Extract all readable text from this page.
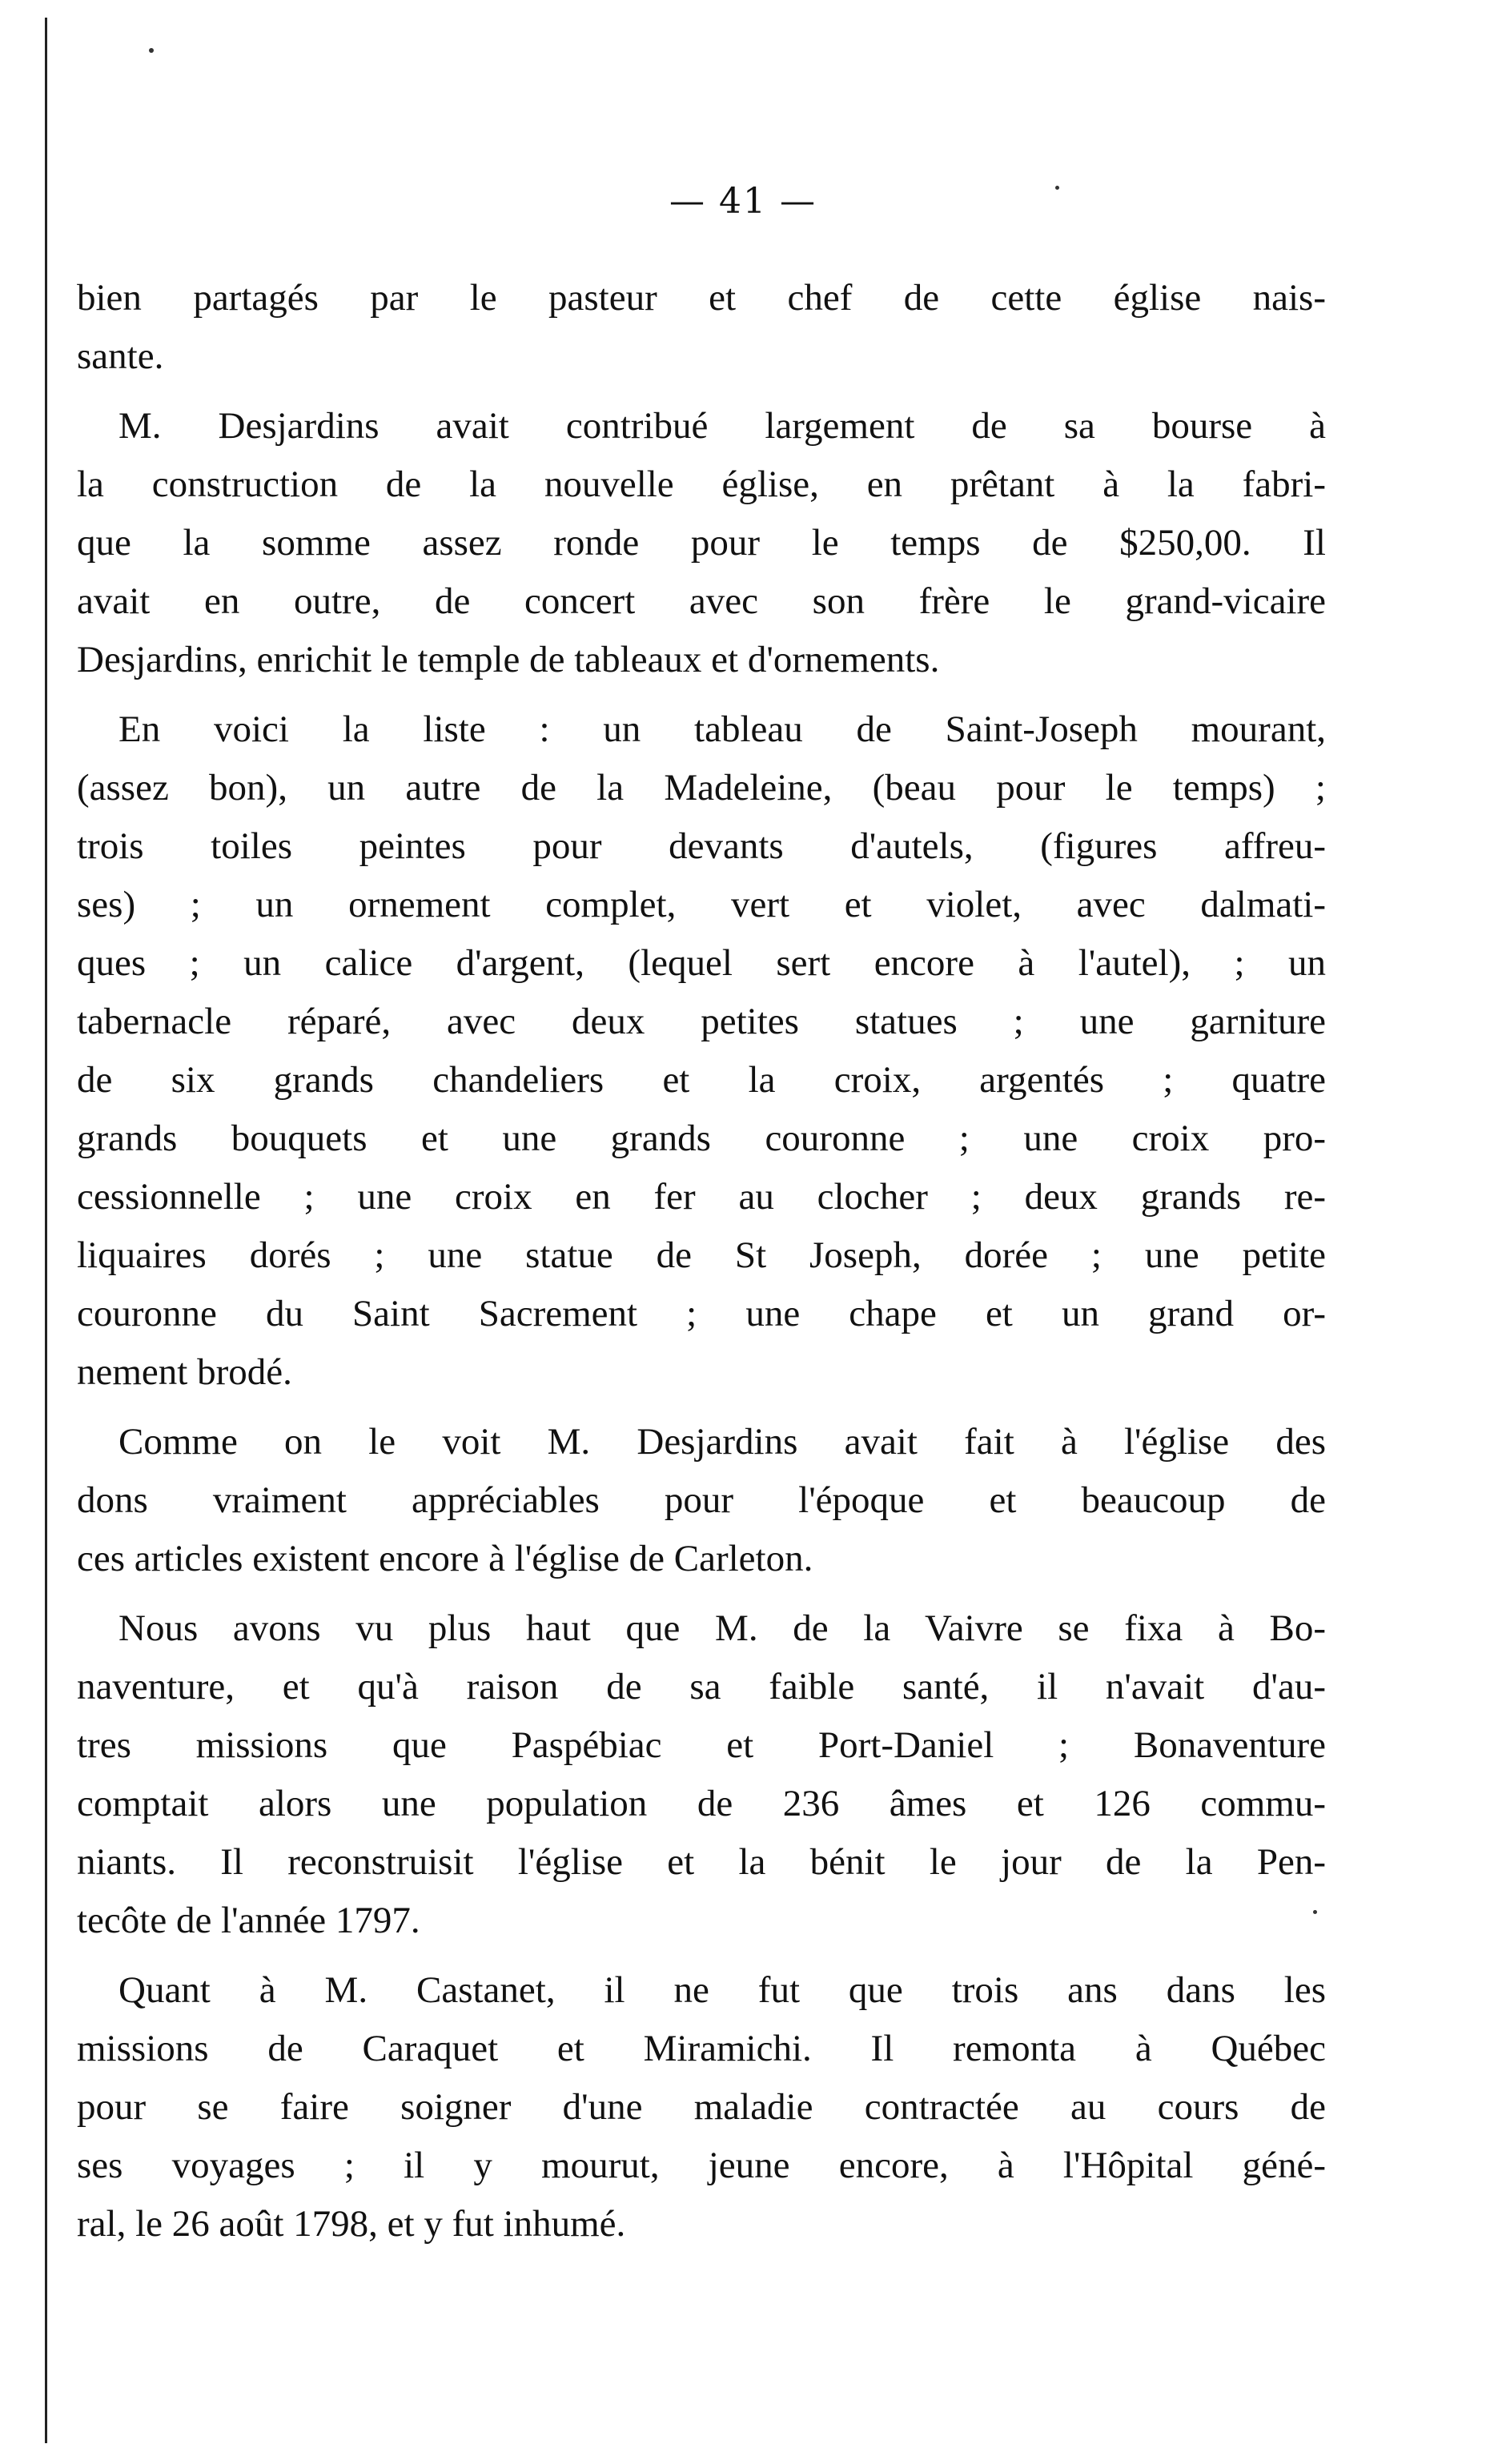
— 41 —

bien partagés par le pasteur et chef de cette église nais-
sante.

M. Desjardins avait contribué largement de sa bourse à
la construction de la nouvelle église, en prêtant à la fabri-
que la somme assez ronde pour le temps de $250,00. Il
avait en outre, de concert avec son frère le grand-vicaire
Desjardins, enrichit le temple de tableaux et d'ornements.

En voici la liste : un tableau de Saint-Joseph mourant,
(assez bon), un autre de la Madeleine, (beau pour le temps) ;
trois toiles peintes pour devants d'autels, (figures affreu-
ses) ; un ornement complet, vert et violet, avec dalmati-
ques ; un calice d'argent, (lequel sert encore à l'autel), ; un
tabernacle réparé, avec deux petites statues ; une garniture
de six grands chandeliers et la croix, argentés ; quatre
grands bouquets et une grands couronne ; une croix pro-
cessionnelle ; une croix en fer au clocher ; deux grands re-
liquaires dorés ; une statue de St Joseph, dorée ; une petite
couronne du Saint Sacrement ; une chape et un grand or-
nement brodé.

Comme on le voit M. Desjardins avait fait à l'église des
dons vraiment appréciables pour l'époque et beaucoup de
ces articles existent encore à l'église de Carleton.

Nous avons vu plus haut que M. de la Vaivre se fixa à Bo-
naventure, et qu'à raison de sa faible santé, il n'avait d'au-
tres missions que Paspébiac et Port-Daniel ; Bonaventure
comptait alors une population de 236 âmes et 126 commu-
niants. Il reconstruisit l'église et la bénit le jour de la Pen-
tecôte de l'année 1797.

Quant à M. Castanet, il ne fut que trois ans dans les
missions de Caraquet et Miramichi. Il remonta à Québec
pour se faire soigner d'une maladie contractée au cours de
ses voyages ; il y mourut, jeune encore, à l'Hôpital géné-
ral, le 26 août 1798, et y fut inhumé.
